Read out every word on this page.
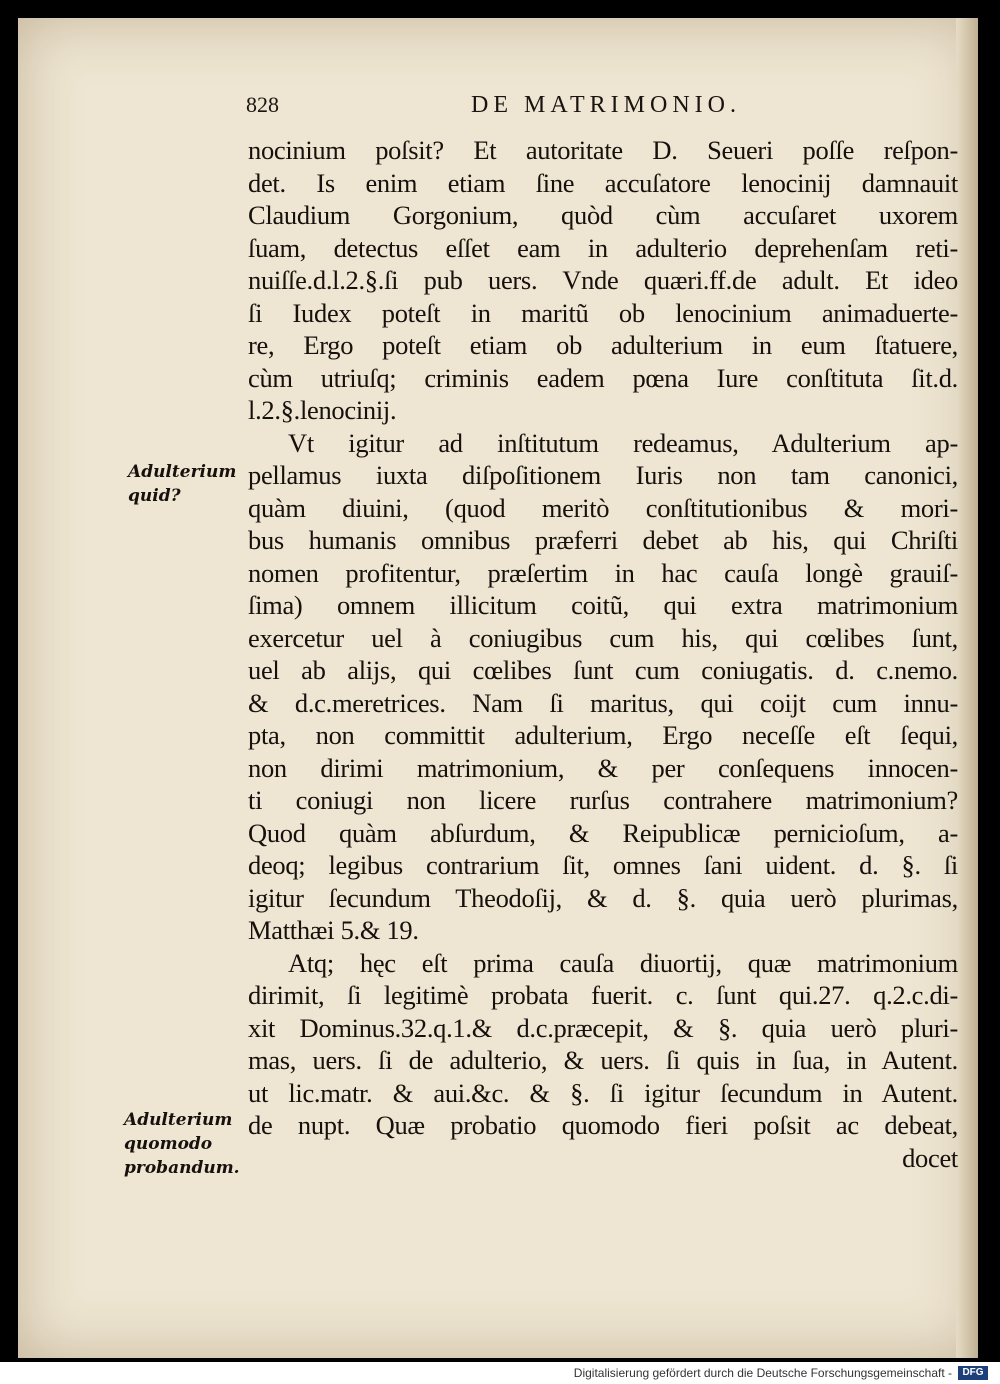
828	DE MATRIMONIO.
nocinium poſsit? Et autoritate D. Seueri poſſe reſpon-
det. Is enim etiam ſine accuſatore lenocinij damnauit
Claudium Gorgonium, quòd cùm accuſaret uxorem
ſuam, detectus eſſet eam in adulterio deprehenſam reti-
nuiſſe.d.l.2.§.ſi pub uers. Vnde quæri.ff.de adult. Et ideo
ſi Iudex poteſt in maritũ ob lenocinium animaduerte-
re, Ergo poteſt etiam ob adulterium in eum ſtatuere,
cùm utriuſq; criminis eadem pœna Iure conſtituta ſit.d.
l.2.§.lenocinij.
Vt igitur ad inſtitutum redeamus, Adulterium ap-
pellamus iuxta diſpoſitionem Iuris non tam canonici,
quàm diuini, (quod meritò conſtitutionibus & mori-
bus humanis omnibus præferri debet ab his, qui Chriſti
nomen profitentur, præſertim in hac cauſa longè grauiſ-
ſima) omnem illicitum coitũ, qui extra matrimonium
exercetur uel à coniugibus cum his, qui cœlibes ſunt,
uel ab alijs, qui cœlibes ſunt cum coniugatis. d. c.nemo.
& d.c.meretrices. Nam ſi maritus, qui coijt cum innu-
pta, non committit adulterium, Ergo neceſſe eſt ſequi,
non dirimi matrimonium, & per conſequens innocen-
ti coniugi non licere rurſus contrahere matrimonium?
Quod quàm abſurdum, & Reipublicæ pernicioſum, a-
deoq; legibus contrarium ſit, omnes ſani uident. d. §. ſi
igitur ſecundum Theodoſij, & d. §. quia uerò plurimas,
Matthæi 5.& 19.
Atq; hęc eſt prima cauſa diuortij, quæ matrimonium
dirimit, ſi legitimè probata fuerit. c. ſunt qui.27. q.2.c.di-
xit Dominus.32.q.1.& d.c.præcepit, & §. quia uerò pluri-
mas, uers. ſi de adulterio, & uers. ſi quis in ſua, in Autent.
ut lic.matr. & aui.&c. & §. ſi igitur ſecundum in Autent.
de nupt. Quæ probatio quomodo fieri poſsit ac debeat,
docet
Adulterium
quid?
Adulterium
quomodo
probandum.
Digitalisierung gefördert durch die Deutsche Forschungsgemeinschaft -	DFG
